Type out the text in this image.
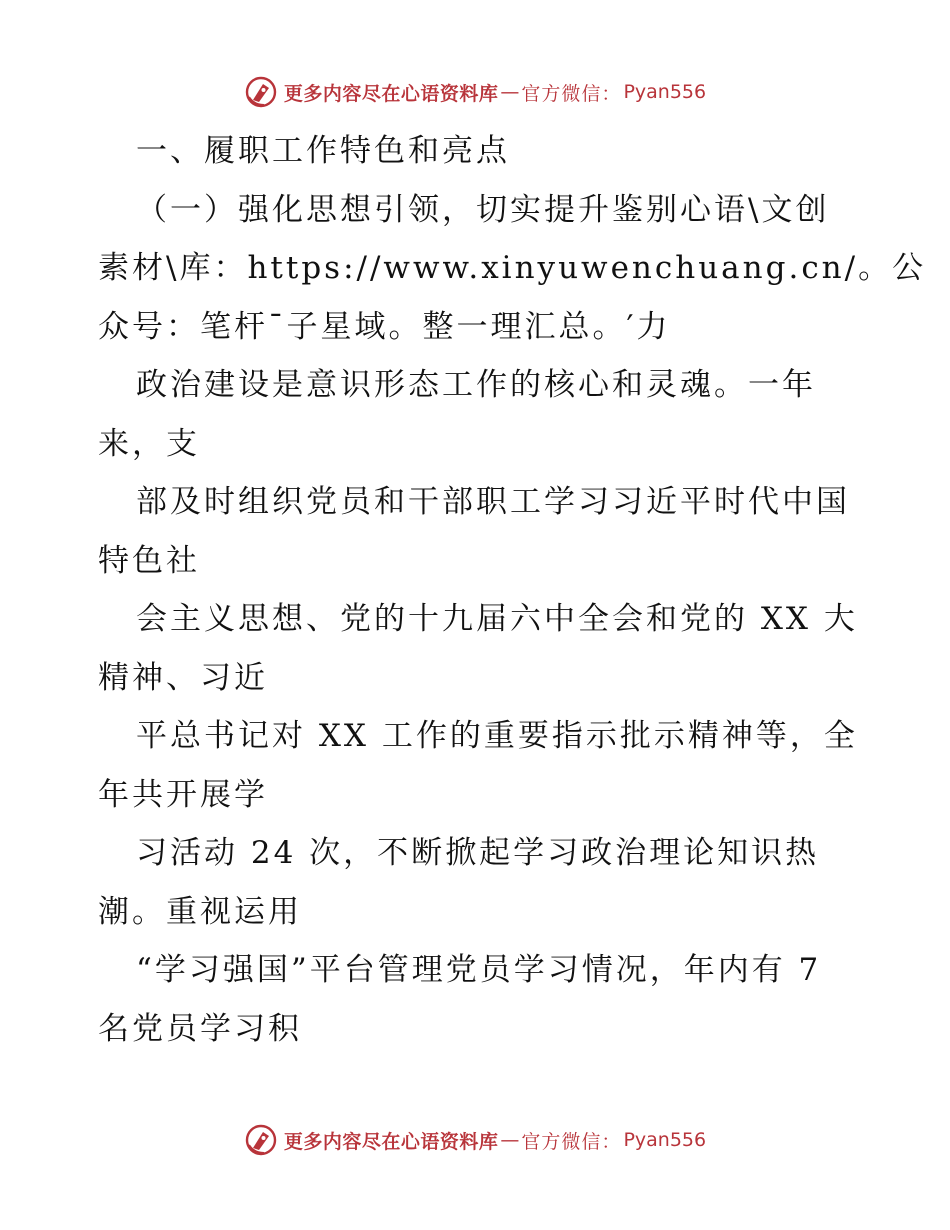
更多内容尽在心语资料库 — 官方微信： Pyan556
一、履职工作特色和亮点
（一）强化思想引领，切实提升鉴别心语\文创
素材\库：https://www.xinyuwenchuang.cn/。公
众号：笔杆¯子星域。整一理汇总。′力
政治建设是意识形态工作的核心和灵魂。一年
来，支
部及时组织党员和干部职工学习习近平时代中国
特色社
会主义思想、党的十九届六中全会和党的 XX 大
精神、习近
平总书记对 XX 工作的重要指示批示精神等，全
年共开展学
习活动 24 次，不断掀起学习政治理论知识热
潮。重视运用
“学习强国”平台管理党员学习情况，年内有 7
名党员学习积
更多内容尽在心语资料库 — 官方微信： Pyan556
